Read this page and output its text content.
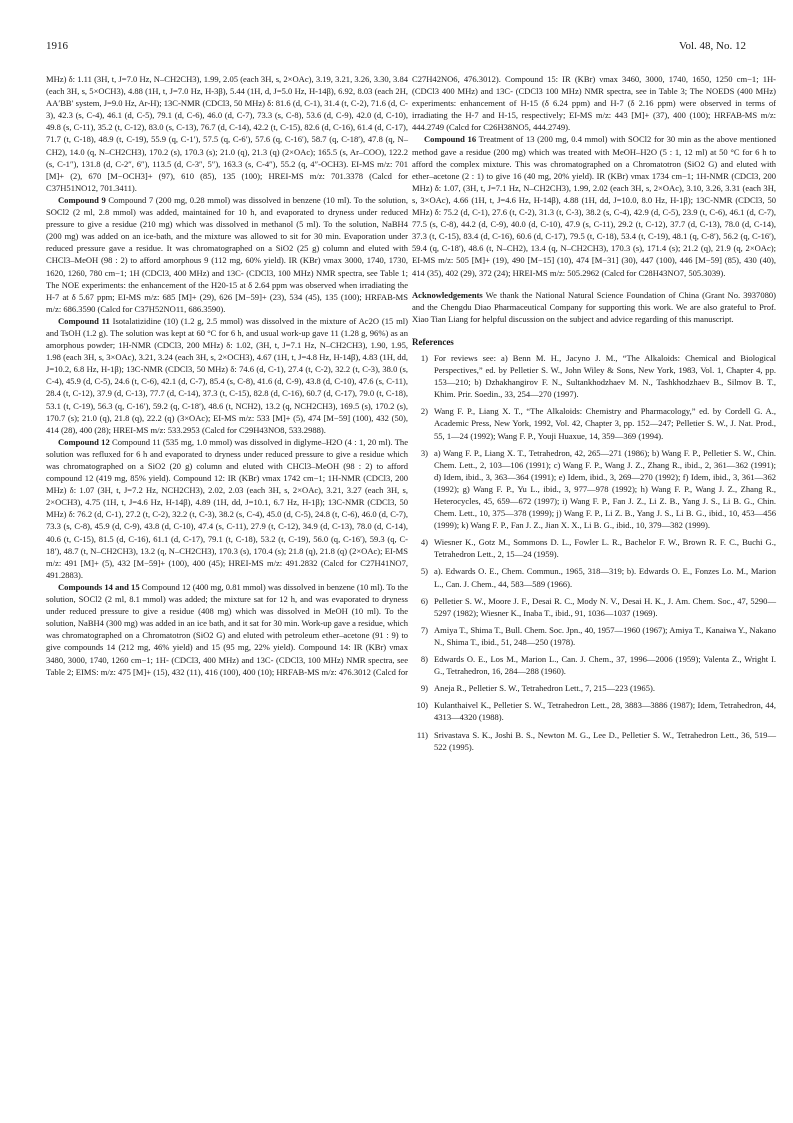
1916	Vol. 48, No. 12

MHz) δ: 1.11 (3H, t, J=7.0 Hz, N–CH2CH3), 1.99, 2.05 (each 3H, s, 2×OAc), 3.19, 3.21, 3.26, 3.30, 3.84 (each 3H, s, 5×OCH3), 4.88 (1H, t, J=7.0 Hz, H-3β), 5.44 (1H, d, J=5.0 Hz, H-14β), 6.92, 8.03 (each 2H, AA′BB′ system, J=9.0 Hz, Ar-H); 13C-NMR (CDCl3, 50 MHz) δ: 81.6 (d, C-1), 31.4 (t, C-2), 71.6 (d, C-3), 42.3 (s, C-4), 46.1 (d, C-5), 79.1 (d, C-6), 46.0 (d, C-7), 73.3 (s, C-8), 53.6 (d, C-9), 42.0 (d, C-10), 49.8 (s, C-11), 35.2 (t, C-12), 83.0 (s, C-13), 76.7 (d, C-14), 42.2 (t, C-15), 82.6 (d, C-16), 61.4 (d, C-17), 71.7 (t, C-18), 48.9 (t, C-19), 55.9 (q, C-1′), 57.5 (q, C-6′), 57.6 (q, C-16′), 58.7 (q, C-18′), 47.8 (q, N–CH2), 14.0 (q, N–CH2CH3), 170.2 (s), 170.3 (s); 21.0 (q), 21.3 (q) (2×OAc); 165.5 (s, Ar–COO), 122.2 (s, C-1″), 131.8 (d, C-2″, 6″), 113.5 (d, C-3″, 5″), 163.3 (s, C-4″), 55.2 (q, 4″-OCH3). EI-MS m/z: 701 [M]+ (2), 670 [M−OCH3]+ (97), 610 (85), 135 (100); HREI-MS m/z: 701.3378 (Calcd for C37H51NO12, 701.3411).

Compound 9 Compound 7 (200 mg, 0.28 mmol) was dissolved in benzene (10 ml). To the solution, SOCl2 (2 ml, 2.8 mmol) was added, maintained for 10 h, and evaporated to dryness under reduced pressure to give a residue (210 mg) which was dissolved in methanol (5 ml). To the solution, NaBH4 (200 mg) was added on an ice-bath, and the mixture was allowed to sit for 30 min. Evaporation under reduced pressure gave a residue. It was chromatographed on a SiO2 (25 g) column and eluted with CHCl3–MeOH (98 : 2) to afford amorphous 9 (112 mg, 60% yield). IR (KBr) νmax 3000, 1740, 1730, 1620, 1260, 780 cm−1; 1H (CDCl3, 400 MHz) and 13C- (CDCl3, 100 MHz) NMR spectra, see Table 1; The NOE experiments: the enhancement of the H20-15 at δ 2.64 ppm was observed when irradiating the H-7 at δ 5.67 ppm; EI-MS m/z: 685 [M]+ (29), 626 [M−59]+ (23), 534 (45), 135 (100); HRFAB-MS m/z: 686.3590 (Calcd for C37H52NO11, 686.3590).

Compound 11 Isotalatizidine (10) (1.2 g, 2.5 mmol) was dissolved in the mixture of Ac2O (15 ml) and TsOH (1.2 g). The solution was kept at 60 °C for 6 h, and usual work-up gave 11 (1.28 g, 96%) as an amorphous powder; 1H-NMR (CDCl3, 200 MHz) δ: 1.02, (3H, t, J=7.1 Hz, N–CH2CH3), 1.90, 1.95, 1.98 (each 3H, s, 3×OAc), 3.21, 3.24 (each 3H, s, 2×OCH3), 4.67 (1H, t, J=4.8 Hz, H-14β), 4.83 (1H, dd, J=10.2, 6.8 Hz, H-1β); 13C-NMR (CDCl3, 50 MHz) δ: 74.6 (d, C-1), 27.4 (t, C-2), 32.2 (t, C-3), 38.0 (s, C-4), 45.9 (d, C-5), 24.6 (t, C-6), 42.1 (d, C-7), 85.4 (s, C-8), 41.6 (d, C-9), 43.8 (d, C-10), 47.6 (s, C-11), 28.4 (t, C-12), 37.9 (d, C-13), 77.7 (d, C-14), 37.3 (t, C-15), 82.8 (d, C-16), 60.7 (d, C-17), 79.0 (t, C-18), 53.1 (t, C-19), 56.3 (q, C-16′), 59.2 (q, C-18′), 48.6 (t, NCH2), 13.2 (q, NCH2CH3), 169.5 (s), 170.2 (s), 170.7 (s); 21.0 (q), 21.8 (q), 22.2 (q) (3×OAc); EI-MS m/z: 533 [M]+ (5), 474 [M−59] (100), 432 (50), 414 (28), 400 (28); HREI-MS m/z: 533.2953 (Calcd for C29H43NO8, 533.2988).

Compound 12 Compound 11 (535 mg, 1.0 mmol) was dissolved in diglyme–H2O (4 : 1, 20 ml). The solution was refluxed for 6 h and evaporated to dryness under reduced pressure to give a residue which was chromatographed on a SiO2 (20 g) column and eluted with CHCl3–MeOH (98 : 2) to afford compound 12 (419 mg, 85% yield). Compound 12: IR (KBr) νmax 1742 cm−1; 1H-NMR (CDCl3, 200 MHz) δ: 1.07 (3H, t, J=7.2 Hz, NCH2CH3), 2.02, 2.03 (each 3H, s, 2×OAc), 3.21, 3.27 (each 3H, s, 2×OCH3), 4.75 (1H, t, J=4.6 Hz, H-14β), 4.89 (1H, dd, J=10.1, 6.7 Hz, H-1β); 13C-NMR (CDCl3, 50 MHz) δ: 76.2 (d, C-1), 27.2 (t, C-2), 32.2 (t, C-3), 38.2 (s, C-4), 45.0 (d, C-5), 24.8 (t, C-6), 46.0 (d, C-7), 73.3 (s, C-8), 45.9 (d, C-9), 43.8 (d, C-10), 47.4 (s, C-11), 27.9 (t, C-12), 34.9 (d, C-13), 78.0 (d, C-14), 40.6 (t, C-15), 81.5 (d, C-16), 61.1 (d, C-17), 79.1 (t, C-18), 53.2 (t, C-19), 56.0 (q, C-16′), 59.3 (q, C-18′), 48.7 (t, N–CH2CH3), 13.2 (q, N–CH2CH3), 170.3 (s), 170.4 (s); 21.8 (q), 21.8 (q) (2×OAc); EI-MS m/z: 491 [M]+ (5), 432 [M−59]+ (100), 400 (45); HREI-MS m/z: 491.2832 (Calcd for C27H41NO7, 491.2883).

Compounds 14 and 15 Compound 12 (400 mg, 0.81 mmol) was dissolved in benzene (10 ml). To the solution, SOCl2 (2 ml, 8.1 mmol) was added; the mixture sat for 12 h, and was evaporated to dryness under reduced pressure to give a residue (408 mg) which was dissolved in MeOH (10 ml). To the solution, NaBH4 (300 mg) was added in an ice bath, and it sat for 30 min. Work-up gave a residue, which was chromatographed on a Chromatotron (SiO2 G) and eluted with petroleum ether–acetone (91 : 9) to give compounds 14 (212 mg, 46% yield) and 15 (95 mg, 22% yield). Compound 14: IR (KBr) νmax 3480, 3000, 1740, 1260 cm−1; 1H- (CDCl3, 400 MHz) and 13C- (CDCl3, 100 MHz) NMR spectra, see Table 2; EIMS: m/z: 475 [M]+ (15), 432 (11), 416 (100), 400 (10); HRFAB-MS m/z: 476.3012 (Calcd for

C27H42NO6, 476.3012). Compound 15: IR (KBr) νmax 3460, 3000, 1740, 1650, 1250 cm−1; 1H- (CDCl3 400 MHz) and 13C- (CDCl3 100 MHz) NMR spectra, see in Table 3; The NOEDS (400 MHz) experiments: enhancement of H-15 (δ 6.24 ppm) and H-7 (δ 2.16 ppm) were observed in terms of irradiating the H-7 and H-15, respectively; EI-MS m/z: 443 [M]+ (37), 400 (100); HRFAB-MS m/z: 444.2749 (Calcd for C26H38NO5, 444.2749).

Compound 16 Treatment of 13 (200 mg, 0.4 mmol) with SOCl2 for 30 min as the above mentioned method gave a residue (200 mg) which was treated with MeOH–H2O (5 : 1, 12 ml) at 50 °C for 6 h to afford the complex mixture. This was chromatographed on a Chromatotron (SiO2 G) and eluted with ether–acetone (2 : 1) to give 16 (40 mg, 20% yield). IR (KBr) νmax 1734 cm−1; 1H-NMR (CDCl3, 200 MHz) δ: 1.07, (3H, t, J=7.1 Hz, N–CH2CH3), 1.99, 2.02 (each 3H, s, 2×OAc), 3.10, 3.26, 3.31 (each 3H, s, 3×OAc), 4.66 (1H, t, J=4.6 Hz, H-14β), 4.88 (1H, dd, J=10.0, 8.0 Hz, H-1β); 13C-NMR (CDCl3, 50 MHz) δ: 75.2 (d, C-1), 27.6 (t, C-2), 31.3 (t, C-3), 38.2 (s, C-4), 42.9 (d, C-5), 23.9 (t, C-6), 46.1 (d, C-7), 77.5 (s, C-8), 44.2 (d, C-9), 40.0 (d, C-10), 47.9 (s, C-11), 29.2 (t, C-12), 37.7 (d, C-13), 78.0 (d, C-14), 37.3 (t, C-15), 83.4 (d, C-16), 60.6 (d, C-17), 79.5 (t, C-18), 53.4 (t, C-19), 48.1 (q, C-8′), 56.2 (q, C-16′), 59.4 (q, C-18′), 48.6 (t, N–CH2), 13.4 (q, N–CH2CH3), 170.3 (s), 171.4 (s); 21.2 (q), 21.9 (q, 2×OAc); EI-MS m/z: 505 [M]+ (19), 490 [M−15] (10), 474 [M−31] (30), 447 (100), 446 [M−59] (85), 430 (40), 414 (35), 402 (29), 372 (24); HREI-MS m/z: 505.2962 (Calcd for C28H43NO7, 505.3039).

Acknowledgements We thank the National Natural Science Foundation of China (Grant No. 3937080) and the Chengdu Diao Pharmaceutical Company for supporting this work. We are also grateful to Prof. Xiao Tian Liang for helpful discussion on the subject and advice regarding of this manuscript.

References

1) For reviews see: a) Benn M. H., Jacyno J. M., “The Alkaloids: Chemical and Biological Perspectives,” ed. by Pelletier S. W., John Wiley & Sons, New York, 1983, Vol. 1, Chapter 4, pp. 153—210; b) Dzhakhangirov F. N., Sultankhodzhaev M. N., Tashkhodzhaev B., Silmov B. T., Khim. Prir. Soedin., 33, 254—270 (1997).
2) Wang F. P., Liang X. T., “The Alkaloids: Chemistry and Pharmacology,” ed. by Cordell G. A., Academic Press, New York, 1992, Vol. 42, Chapter 3, pp. 152—247; Pelletier S. W., J. Nat. Prod., 55, 1—24 (1992); Wang F. P., Youji Huaxue, 14, 359—369 (1994).
3) a) Wang F. P., Liang X. T., Tetrahedron, 42, 265—271 (1986); b) Wang F. P., Pelletier S. W., Chin. Chem. Lett., 2, 103—106 (1991); c) Wang F. P., Wang J. Z., Zhang R., ibid., 2, 361—362 (1991); d) Idem, ibid., 3, 363—364 (1991); e) Idem, ibid., 3, 269—270 (1992); f) Idem, ibid., 3, 361—362 (1992); g) Wang F. P., Yu L., ibid., 3, 977—978 (1992); h) Wang F. P., Wang J. Z., Zhang R., Heterocycles, 45, 659—672 (1997); i) Wang F. P., Fan J. Z., Li Z. B., Yang J. S., Li B. G., Chin. Chem. Lett., 10, 375—378 (1999); j) Wang F. P., Li Z. B., Yang J. S., Li B. G., ibid., 10, 453—456 (1999); k) Wang F. P., Fan J. Z., Jian X. X., Li B. G., ibid., 10, 379—382 (1999).
4) Wiesner K., Gotz M., Sommons D. L., Fowler L. R., Bachelor F. W., Brown R. F. C., Buchi G., Tetrahedron Lett., 2, 15—24 (1959).
5) a). Edwards O. E., Chem. Commun., 1965, 318—319; b). Edwards O. E., Fonzes Lo. M., Marion L., Can. J. Chem., 44, 583—589 (1966).
6) Pelletier S. W., Moore J. F., Desai R. C., Mody N. V., Desai H. K., J. Am. Chem. Soc., 47, 5290—5297 (1982); Wiesner K., Inaba T., ibid., 91, 1036—1037 (1969).
7) Amiya T., Shima T., Bull. Chem. Soc. Jpn., 40, 1957—1960 (1967); Amiya T., Kanaiwa Y., Nakano N., Shima T., ibid., 51, 248—250 (1978).
8) Edwards O. E., Los M., Marion L., Can. J. Chem., 37, 1996—2006 (1959); Valenta Z., Wright I. G., Tetrahedron, 16, 284—288 (1960).
9) Aneja R., Pelletier S. W., Tetrahedron Lett., 7, 215—223 (1965).
10) Kulanthaivel K., Pelletier S. W., Tetrahedron Lett., 28, 3883—3886 (1987); Idem, Tetrahedron, 44, 4313—4320 (1988).
11) Srivastava S. K., Joshi B. S., Newton M. G., Lee D., Pelletier S. W., Tetrahedron Lett., 36, 519—522 (1995).
